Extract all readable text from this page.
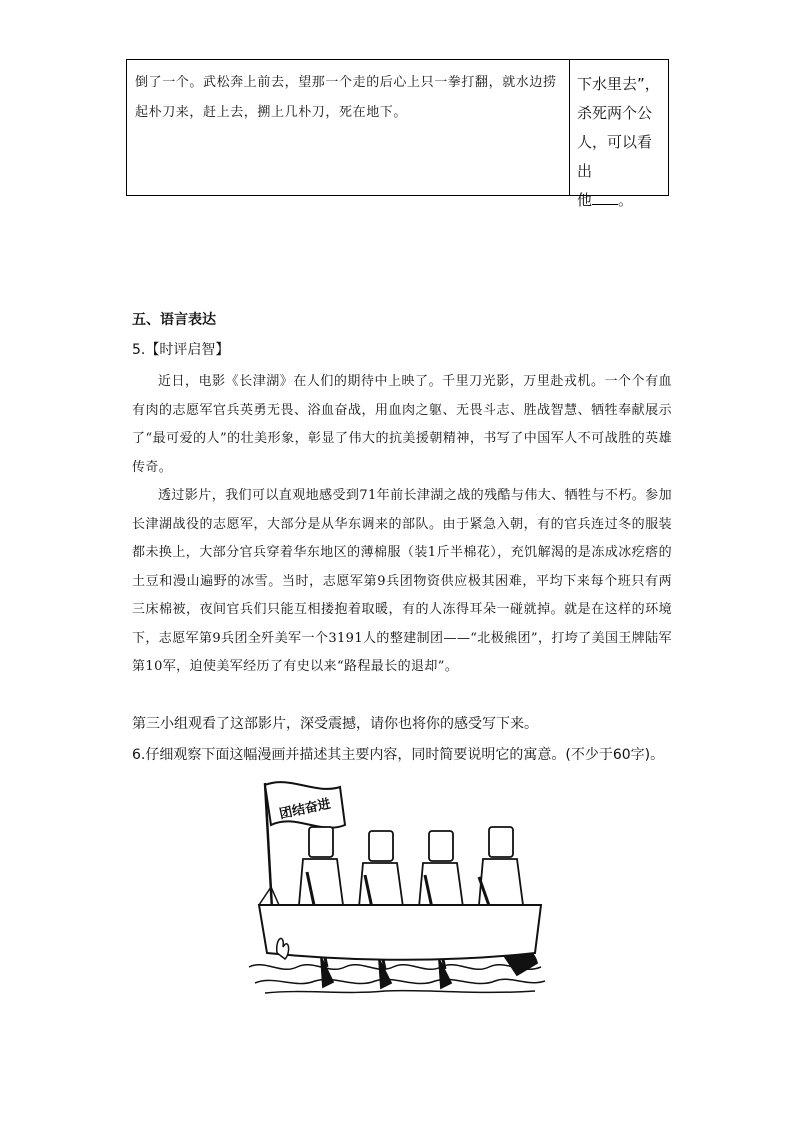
倒了一个。武松奔上前去，望那一个走的后心上只一拳打翻，就水边捞起朴刀来，赶上去，搠上几朴刀，死在地下。
下水里去”，
杀死两个公
人，可以看出
他 。
五、语言表达
5.【时评启智】

近日，电影《长津湖》在人们的期待中上映了。千里刀光影，万里赴戎机。一个个有血有肉的志愿军官兵英勇无畏、浴血奋战，用血肉之躯、无畏斗志、胜战智慧、牺牲奉献展示了“最可爱的人”的壮美形象，彰显了伟大的抗美援朝精神，书写了中国军人不可战胜的英雄传奇。

透过影片，我们可以直观地感受到71年前长津湖之战的残酷与伟大、牺牲与不朽。参加长津湖战役的志愿军，大部分是从华东调来的部队。由于紧急入朝，有的官兵连过冬的服装都未换上，大部分官兵穿着华东地区的薄棉服（装1斤半棉花），充饥解渴的是冻成冰疙瘩的土豆和漫山遍野的冰雪。当时，志愿军第9兵团物资供应极其困难，平均下来每个班只有两三床棉被，夜间官兵们只能互相搂抱着取暖，有的人冻得耳朵一碰就掉。就是在这样的环境下，志愿军第9兵团全歼美军一个3191人的整建制团——“北极熊团”，打垮了美国王牌陆军第10军，迫使美军经历了有史以来“路程最长的退却”。

第三小组观看了这部影片，深受震撼，请你也将你的感受写下来。
6.仔细观察下面这幅漫画并描述其主要内容，同时简要说明它的寓意。(不少于60字)。
团结奋进
